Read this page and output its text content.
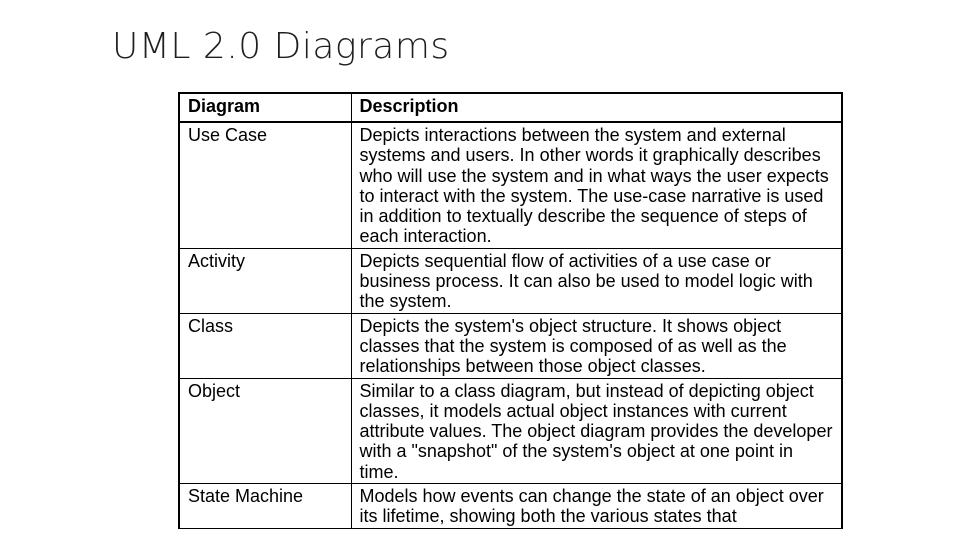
UML 2.0 Diagrams
Diagram	Description
Use Case	Depicts interactions between the system and external systems and users. In other words it graphically describes who will use the system and in what ways the user expects to interact with the system. The use-case narrative is used in addition to textually describe the sequence of steps of each interaction.
Activity	Depicts sequential flow of activities of a use case or business process. It can also be used to model logic with the system.
Class	Depicts the system's object structure. It shows object classes that the system is composed of as well as the relationships between those object classes.
Object	Similar to a class diagram, but instead of depicting object classes, it models actual object instances with current attribute values. The object diagram provides the developer with a "snapshot" of the system's object at one point in time.
State Machine	Models how events can change the state of an object over its lifetime, showing both the various states that
